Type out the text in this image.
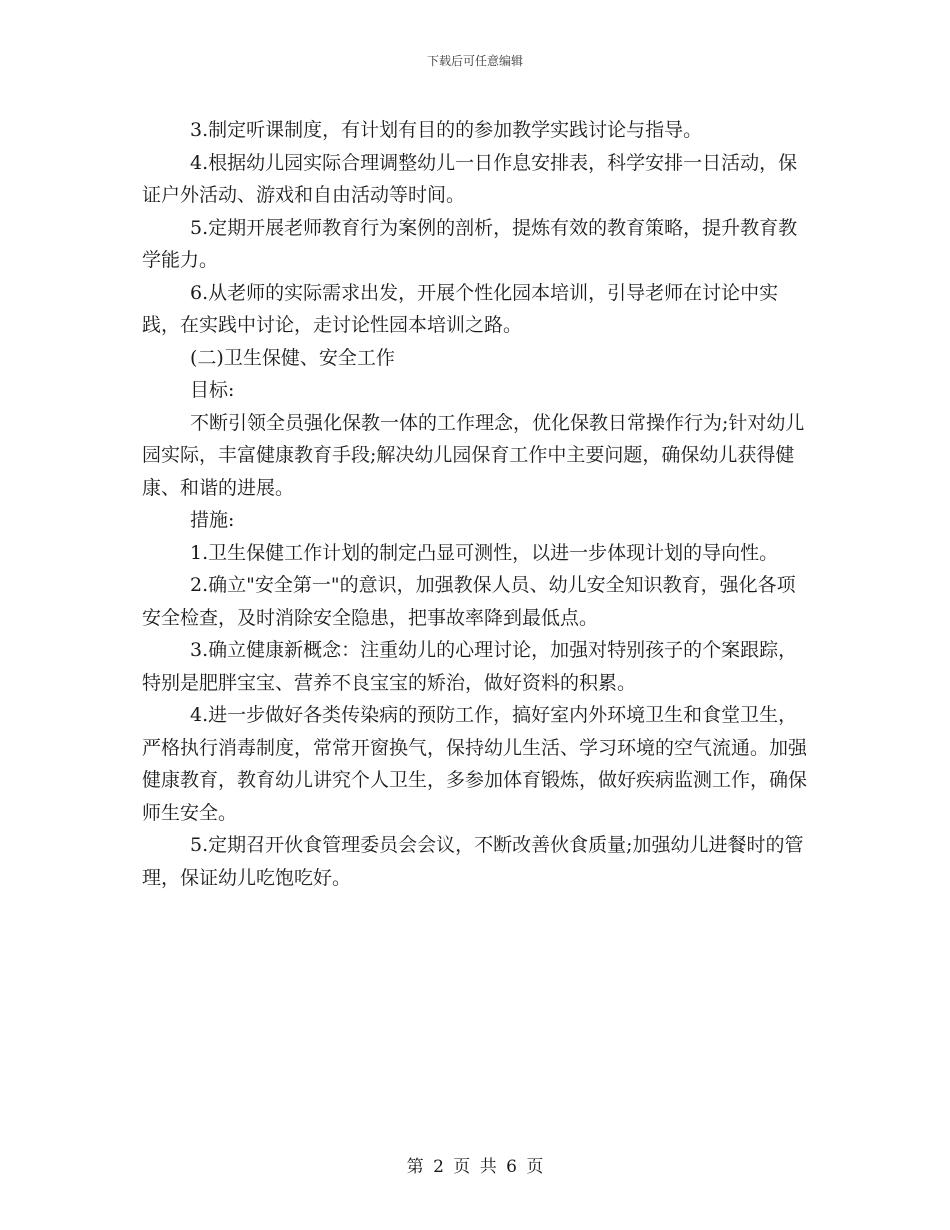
下载后可任意编辑

3.制定听课制度，有计划有目的的参加教学实践讨论与指导。

4.根据幼儿园实际合理调整幼儿一日作息安排表，科学安排一日活动，保证户外活动、游戏和自由活动等时间。

5.定期开展老师教育行为案例的剖析，提炼有效的教育策略，提升教育教学能力。

6.从老师的实际需求出发，开展个性化园本培训，引导老师在讨论中实践，在实践中讨论，走讨论性园本培训之路。

(二)卫生保健、安全工作

目标:

不断引领全员强化保教一体的工作理念，优化保教日常操作行为;针对幼儿园实际，丰富健康教育手段;解决幼儿园保育工作中主要问题，确保幼儿获得健康、和谐的进展。

措施:

1.卫生保健工作计划的制定凸显可测性，以进一步体现计划的导向性。

2.确立"安全第一"的意识，加强教保人员、幼儿安全知识教育，强化各项安全检查，及时消除安全隐患，把事故率降到最低点。

3.确立健康新概念：注重幼儿的心理讨论，加强对特别孩子的个案跟踪，特别是肥胖宝宝、营养不良宝宝的矫治，做好资料的积累。

4.进一步做好各类传染病的预防工作，搞好室内外环境卫生和食堂卫生，严格执行消毒制度，常常开窗换气，保持幼儿生活、学习环境的空气流通。加强健康教育，教育幼儿讲究个人卫生，多参加体育锻炼，做好疾病监测工作，确保师生安全。

5.定期召开伙食管理委员会会议，不断改善伙食质量;加强幼儿进餐时的管理，保证幼儿吃饱吃好。

第 2 页 共 6 页
